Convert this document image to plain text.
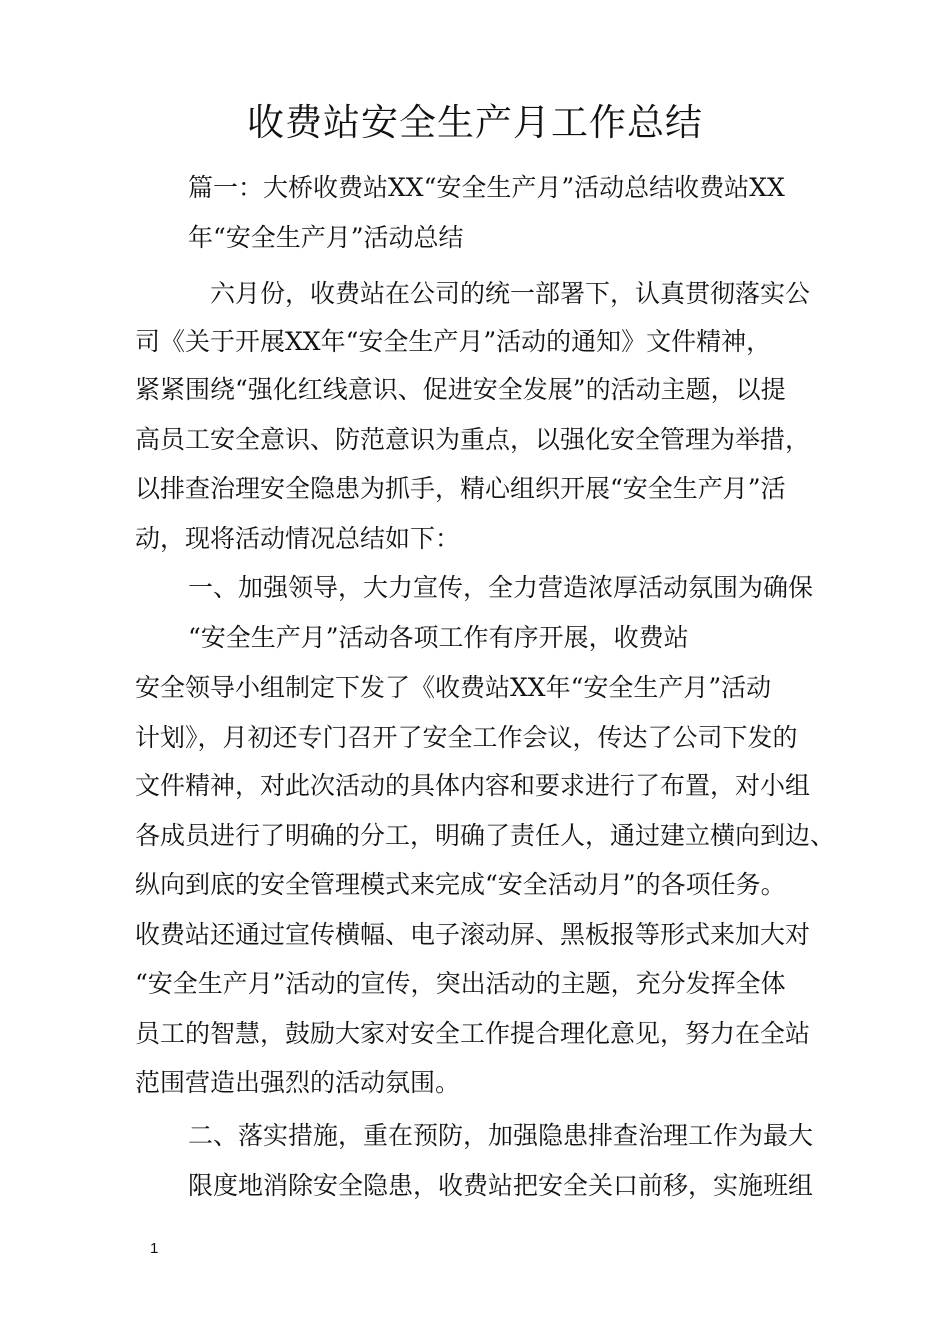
收费站安全生产月工作总结
篇一：大桥收费站XX“安全生产月”活动总结收费站XX
年“安全生产月”活动总结
六月份，收费站在公司的统一部署下，认真贯彻落实公
司《关于开展XX年“安全生产月”活动的通知》文件精神，
紧紧围绕“强化红线意识、促进安全发展”的活动主题，以提
高员工安全意识、防范意识为重点，以强化安全管理为举措，
以排查治理安全隐患为抓手，精心组织开展“安全生产月”活
动，现将活动情况总结如下：
一、加强领导，大力宣传，全力营造浓厚活动氛围为确保
“安全生产月”活动各项工作有序开展，收费站
安全领导小组制定下发了《收费站XX年“安全生产月”活动
计划》，月初还专门召开了安全工作会议，传达了公司下发的
文件精神，对此次活动的具体内容和要求进行了布置，对小组
各成员进行了明确的分工，明确了责任人，通过建立横向到边、
纵向到底的安全管理模式来完成“安全活动月”的各项任务。
收费站还通过宣传横幅、电子滚动屏、黑板报等形式来加大对
“安全生产月”活动的宣传，突出活动的主题，充分发挥全体
员工的智慧，鼓励大家对安全工作提合理化意见，努力在全站
范围营造出强烈的活动氛围。
二、落实措施，重在预防，加强隐患排查治理工作为最大
限度地消除安全隐患，收费站把安全关口前移，实施班组
1
